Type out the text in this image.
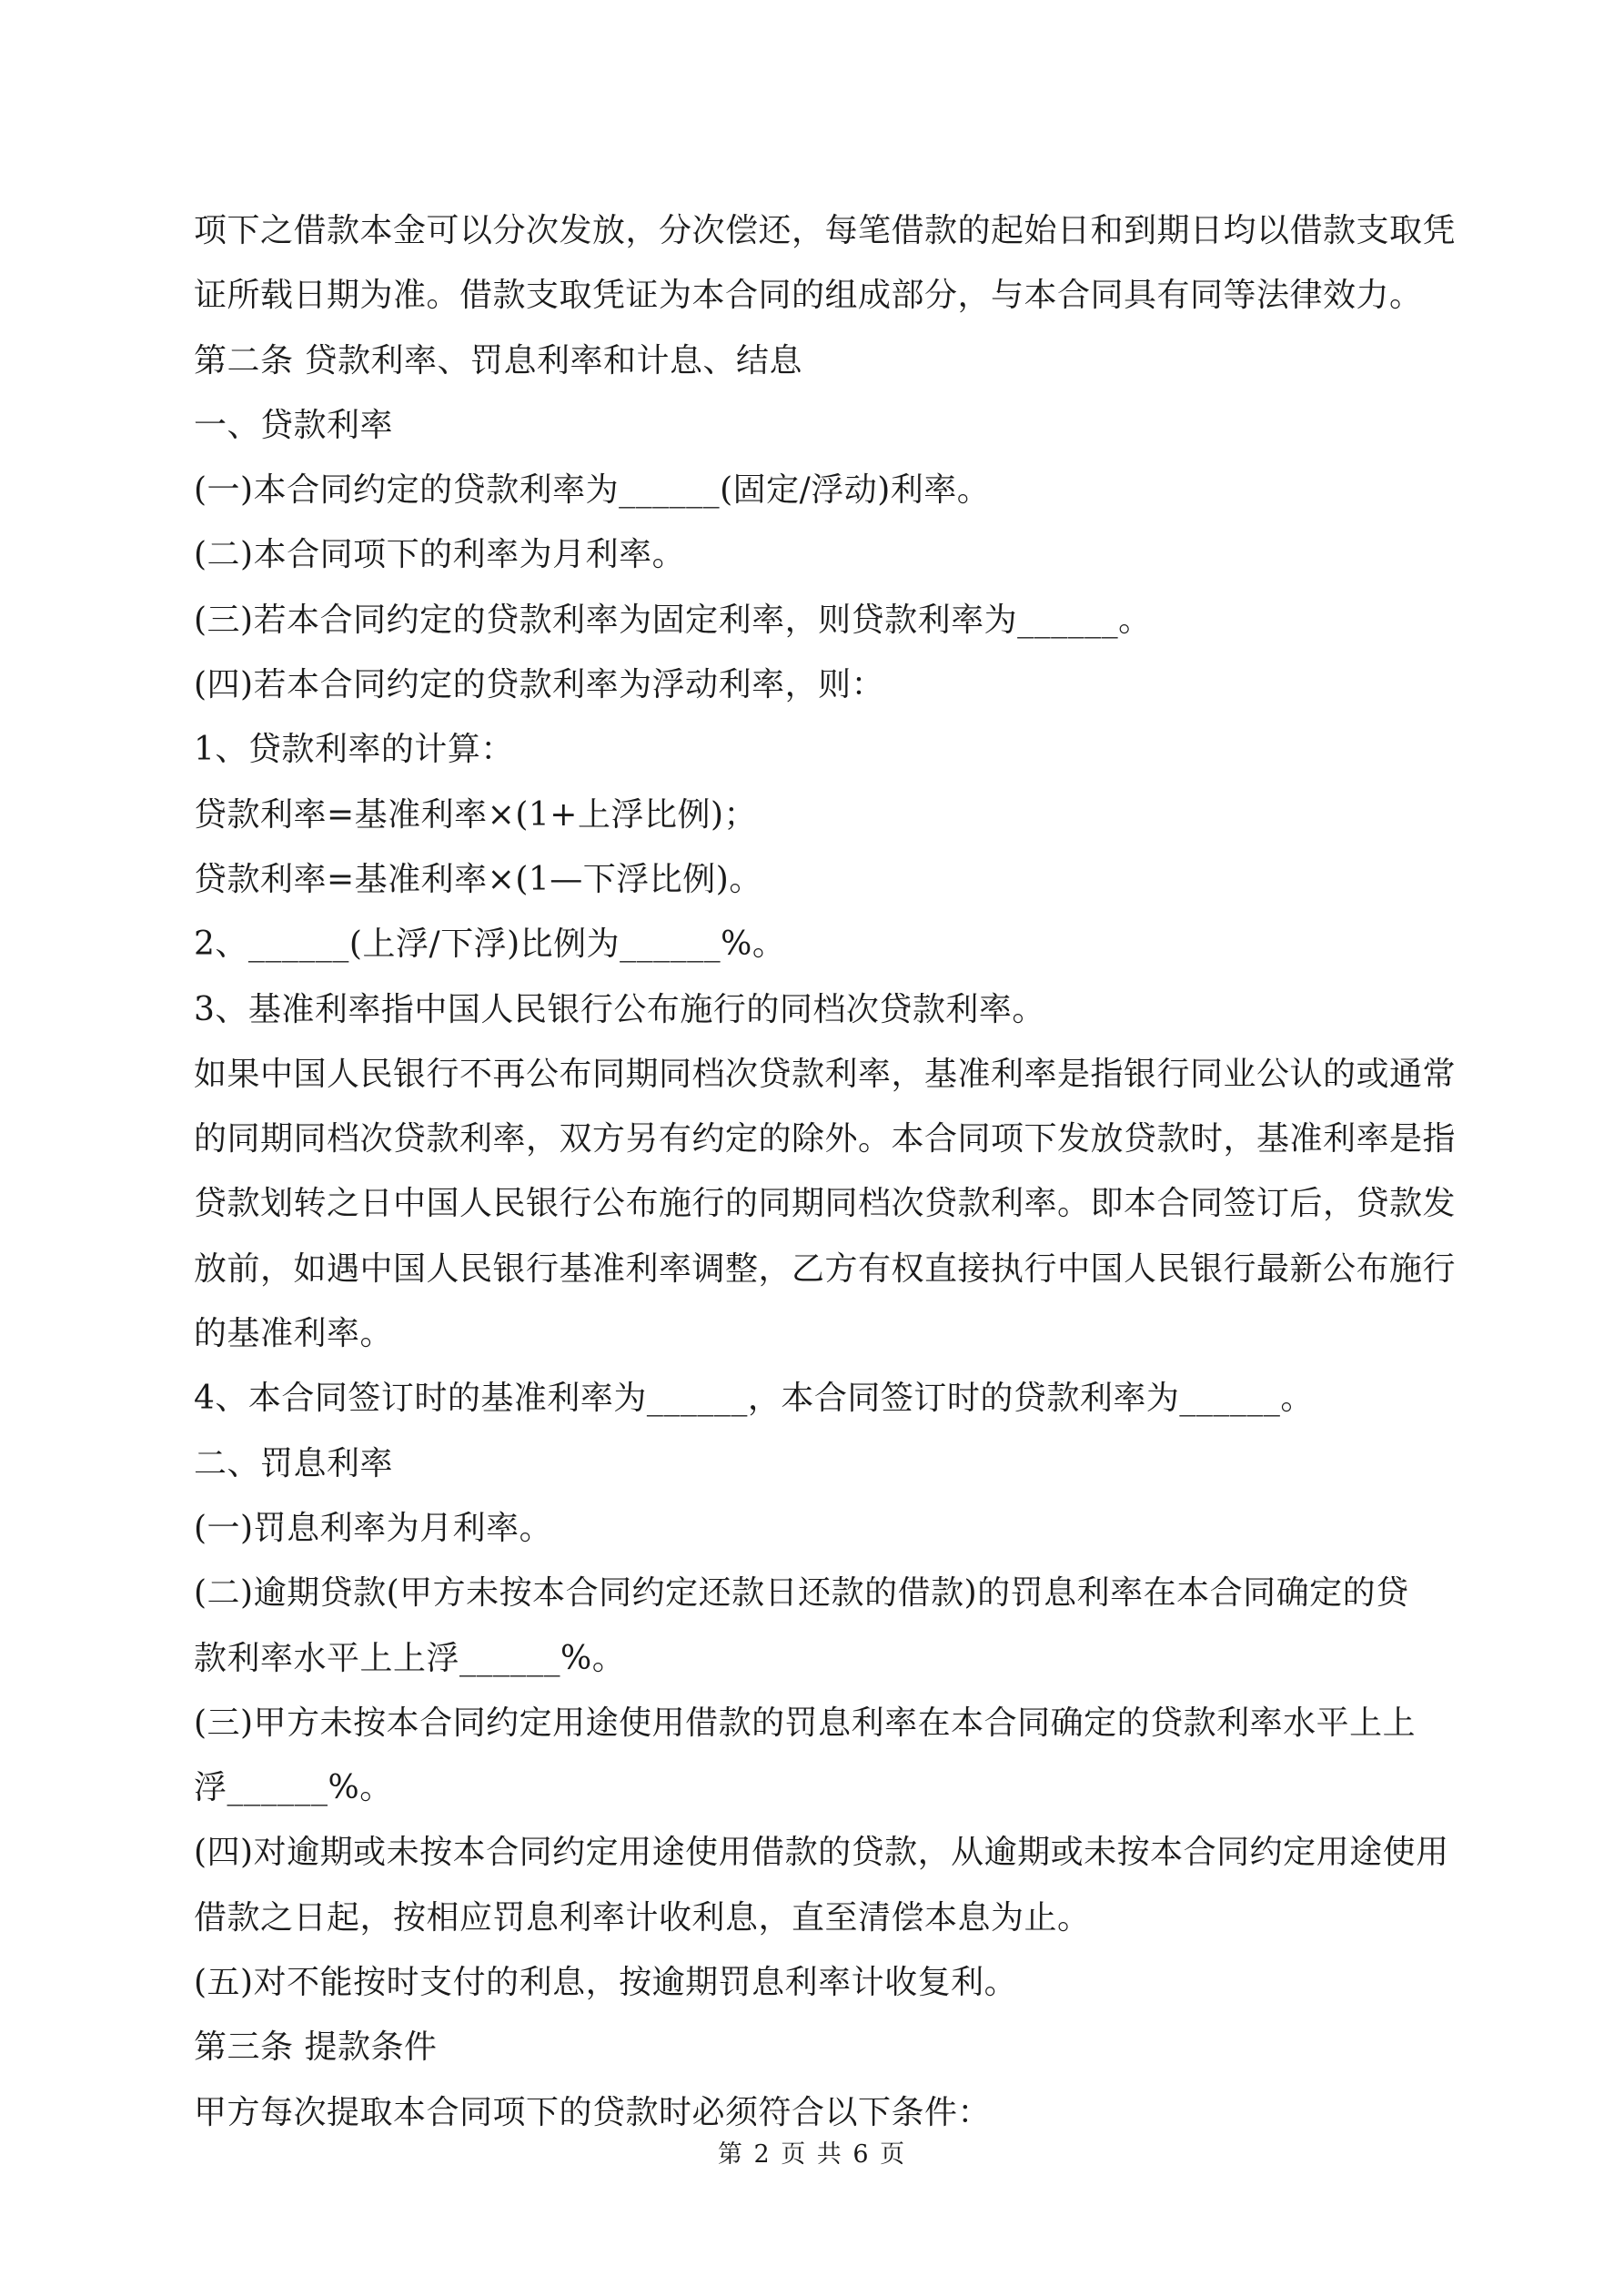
项下之借款本金可以分次发放，分次偿还，每笔借款的起始日和到期日均以借款支取凭
证所载日期为准。借款支取凭证为本合同的组成部分，与本合同具有同等法律效力。
第二条 贷款利率、罚息利率和计息、结息
一、贷款利率
(一)本合同约定的贷款利率为______(固定/浮动)利率。
(二)本合同项下的利率为月利率。
(三)若本合同约定的贷款利率为固定利率，则贷款利率为______。
(四)若本合同约定的贷款利率为浮动利率，则：
1、贷款利率的计算：
贷款利率=基准利率×(1+上浮比例)；
贷款利率=基准利率×(1—下浮比例)。
2、______(上浮/下浮)比例为______%。
3、基准利率指中国人民银行公布施行的同档次贷款利率。
如果中国人民银行不再公布同期同档次贷款利率，基准利率是指银行同业公认的或通常
的同期同档次贷款利率，双方另有约定的除外。本合同项下发放贷款时，基准利率是指
贷款划转之日中国人民银行公布施行的同期同档次贷款利率。即本合同签订后，贷款发
放前，如遇中国人民银行基准利率调整，乙方有权直接执行中国人民银行最新公布施行
的基准利率。
4、本合同签订时的基准利率为______，本合同签订时的贷款利率为______。
二、罚息利率
(一)罚息利率为月利率。
(二)逾期贷款(甲方未按本合同约定还款日还款的借款)的罚息利率在本合同确定的贷
款利率水平上上浮______%。
(三)甲方未按本合同约定用途使用借款的罚息利率在本合同确定的贷款利率水平上上
浮______%。
(四)对逾期或未按本合同约定用途使用借款的贷款，从逾期或未按本合同约定用途使用
借款之日起，按相应罚息利率计收利息，直至清偿本息为止。
(五)对不能按时支付的利息，按逾期罚息利率计收复利。
第三条 提款条件
甲方每次提取本合同项下的贷款时必须符合以下条件：
第 2 页 共 6 页
